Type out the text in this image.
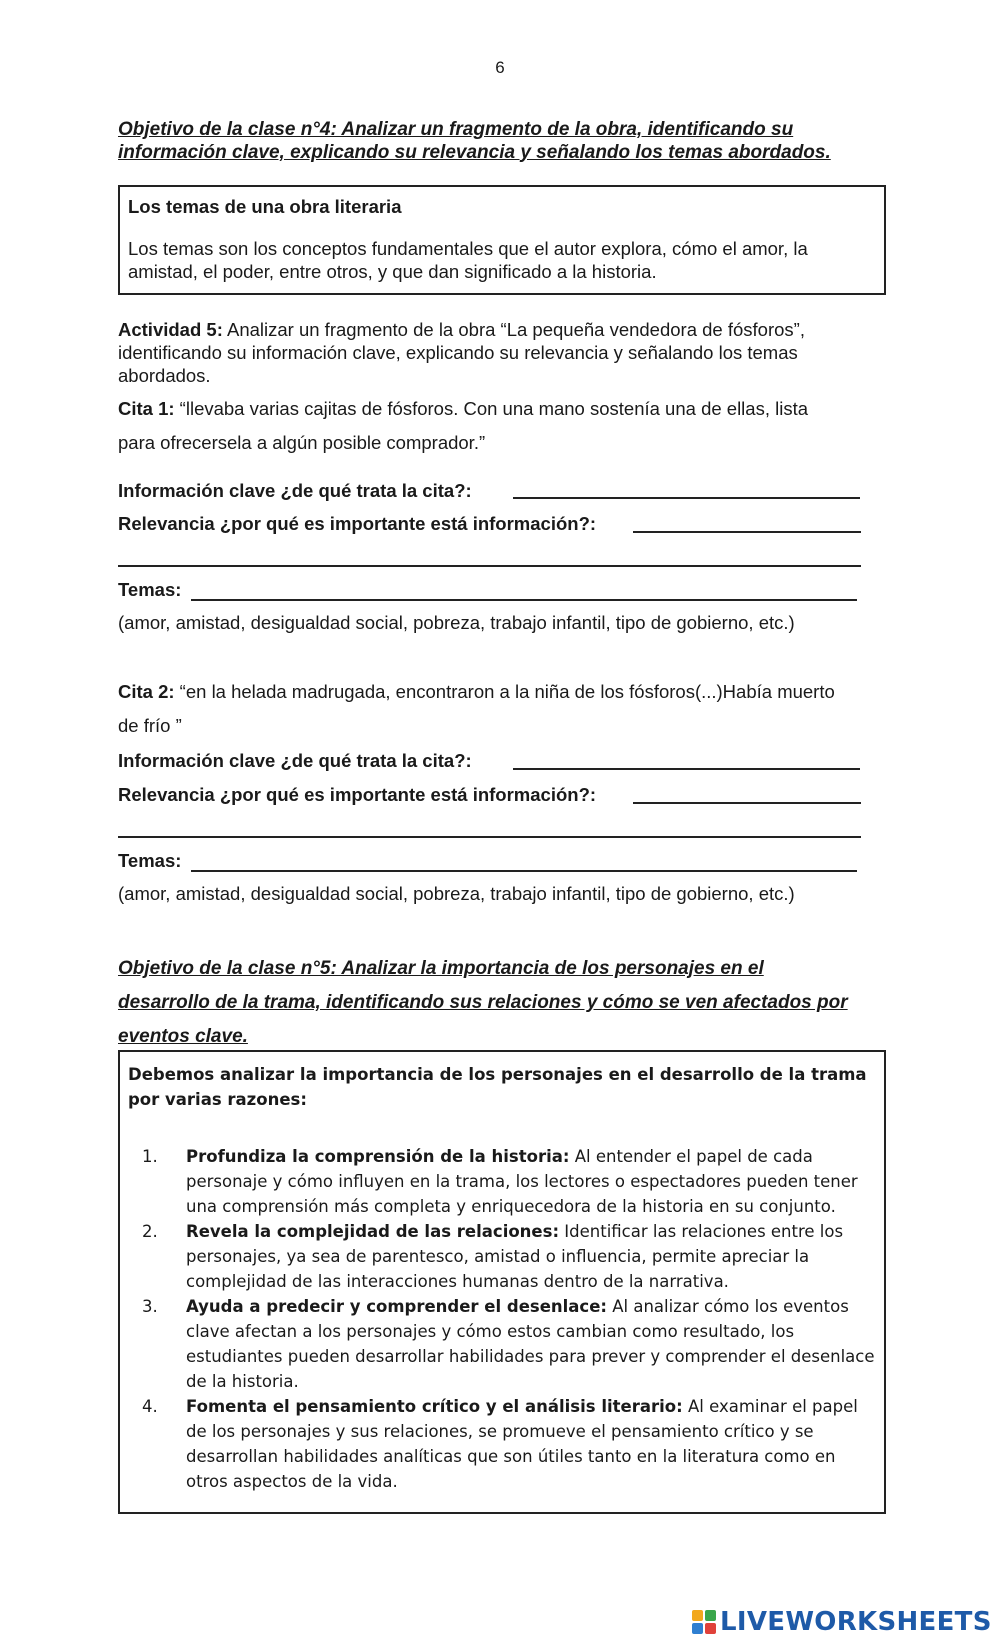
6
Objetivo de la clase n°4: Analizar un fragmento de la obra, identificando su información clave, explicando su relevancia y señalando los temas abordados.
Los temas de una obra literaria
Los temas son los conceptos fundamentales que el autor explora, cómo el amor, la amistad, el poder, entre otros, y que dan significado a la historia.
Actividad 5: Analizar un fragmento de la obra “La pequeña vendedora de fósforos”, identificando su información clave, explicando su relevancia y señalando los temas abordados.
Cita 1: “llevaba varias cajitas de fósforos. Con una mano sostenía una de ellas, lista
para ofrecersela a algún posible comprador.”
Información clave ¿de qué trata la cita?:
Relevancia ¿por qué es importante está información?:
Temas:
(amor, amistad, desigualdad social, pobreza, trabajo infantil, tipo de gobierno, etc.)
Cita 2: “en la helada madrugada, encontraron a la niña de los fósforos(...)Había muerto
de frío ”
Información clave ¿de qué trata la cita?:
Relevancia ¿por qué es importante está información?:
Temas:
(amor, amistad, desigualdad social, pobreza, trabajo infantil, tipo de gobierno, etc.)
Objetivo de la clase n°5: Analizar la importancia de los personajes en el
desarrollo de la trama, identificando sus relaciones y cómo se ven afectados por
eventos clave.
Debemos analizar la importancia de los personajes en el desarrollo de la trama por varias razones:
1. Profundiza la comprensión de la historia: Al entender el papel de cada personaje y cómo influyen en la trama, los lectores o espectadores pueden tener una comprensión más completa y enriquecedora de la historia en su conjunto.
2. Revela la complejidad de las relaciones: Identificar las relaciones entre los personajes, ya sea de parentesco, amistad o influencia, permite apreciar la complejidad de las interacciones humanas dentro de la narrativa.
3. Ayuda a predecir y comprender el desenlace: Al analizar cómo los eventos clave afectan a los personajes y cómo estos cambian como resultado, los estudiantes pueden desarrollar habilidades para prever y comprender el desenlace de la historia.
4. Fomenta el pensamiento crítico y el análisis literario: Al examinar el papel de los personajes y sus relaciones, se promueve el pensamiento crítico y se desarrollan habilidades analíticas que son útiles tanto en la literatura como en otros aspectos de la vida.
LIVEWORKSHEETS
